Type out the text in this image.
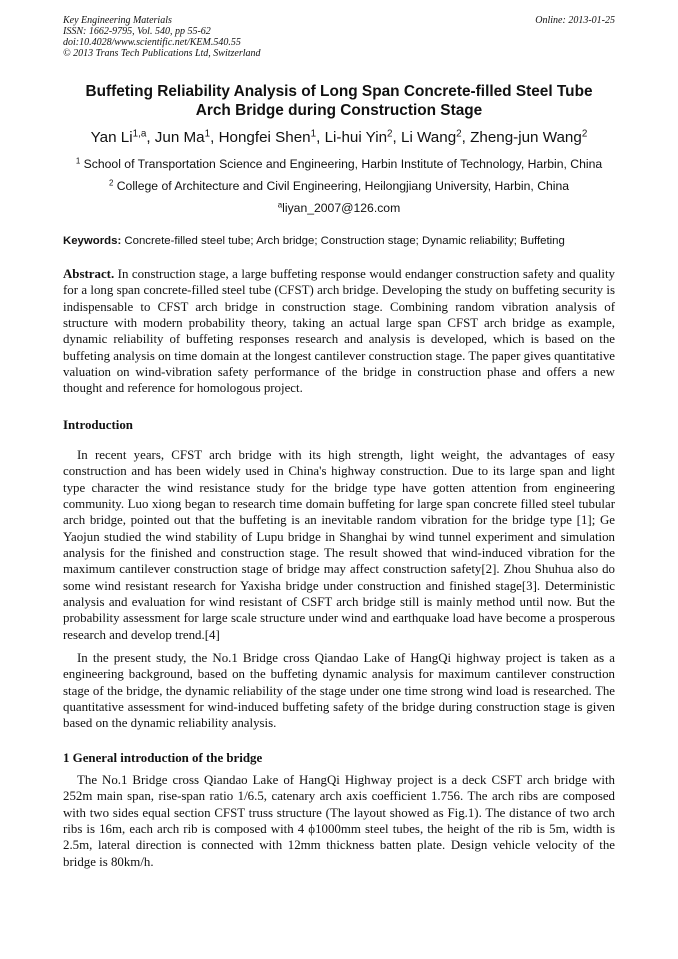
Key Engineering Materials
ISSN: 1662-9795, Vol. 540, pp 55-62
doi:10.4028/www.scientific.net/KEM.540.55
© 2013 Trans Tech Publications Ltd, Switzerland
Online: 2013-01-25
Buffeting Reliability Analysis of Long Span Concrete-filled Steel Tube
Arch Bridge during Construction Stage
Yan Li$^{1,a}$, Jun Ma$^1$, Hongfei Shen$^1$, Li-hui Yin$^2$, Li Wang$^2$, Zheng-jun Wang$^2$
$^1$ School of Transportation Science and Engineering, Harbin Institute of Technology, Harbin, China
$^2$ College of Architecture and Civil Engineering, Heilongjiang University, Harbin, China
$^a$liyan_2007@126.com
Keywords: Concrete-filled steel tube; Arch bridge; Construction stage; Dynamic reliability; Buffeting
Abstract. In construction stage, a large buffeting response would endanger construction safety and quality for a long span concrete-filled steel tube (CFST) arch bridge. Developing the study on buffeting security is indispensable to CFST arch bridge in construction stage. Combining random vibration analysis of structure with modern probability theory, taking an actual large span CFST arch bridge as example, dynamic reliability of buffeting responses research and analysis is developed, which is based on the buffeting analysis on time domain at the longest cantilever construction stage. The paper gives quantitative valuation on wind-vibration safety performance of the bridge in construction phase and offers a new thought and reference for homologous project.
Introduction
In recent years, CFST arch bridge with its high strength, light weight, the advantages of easy construction and has been widely used in China's highway construction. Due to its large span and light type character the wind resistance study for the bridge type have gotten attention from engineering community. Luo xiong began to research time domain buffeting for large span concrete filled steel tubular arch bridge, pointed out that the buffeting is an inevitable random vibration for the bridge type [1]; Ge Yaojun studied the wind stability of Lupu bridge in Shanghai by wind tunnel experiment and simulation analysis for the finished and construction stage. The result showed that wind-induced vibration for the maximum cantilever construction stage of bridge may affect construction safety[2]. Zhou Shuhua also do some wind resistant research for Yaxisha bridge under construction and finished stage[3]. Deterministic analysis and evaluation for wind resistant of CSFT arch bridge still is mainly method until now. But the probability assessment for large scale structure under wind and earthquake load have become a prosperous research and develop trend.[4]
In the present study, the No.1 Bridge cross Qiandao Lake of HangQi highway project is taken as a engineering background, based on the buffeting dynamic analysis for maximum cantilever construction stage of the bridge, the dynamic reliability of the stage under one time strong wind load is researched. The quantitative assessment for wind-induced buffeting safety of the bridge during construction stage is given based on the dynamic reliability analysis.
1 General introduction of the bridge
The No.1 Bridge cross Qiandao Lake of HangQi Highway project is a deck CSFT arch bridge with 252m main span, rise-span ratio 1/6.5, catenary arch axis coefficient 1.756. The arch ribs are composed with two sides equal section CFST truss structure (The layout showed as Fig.1). The distance of two arch ribs is 16m, each arch rib is composed with 4 ϕ1000mm steel tubes, the height of the rib is 5m, width is 2.5m, lateral direction is connected with 12mm thickness batten plate. Design vehicle velocity of the bridge is 80km/h.
